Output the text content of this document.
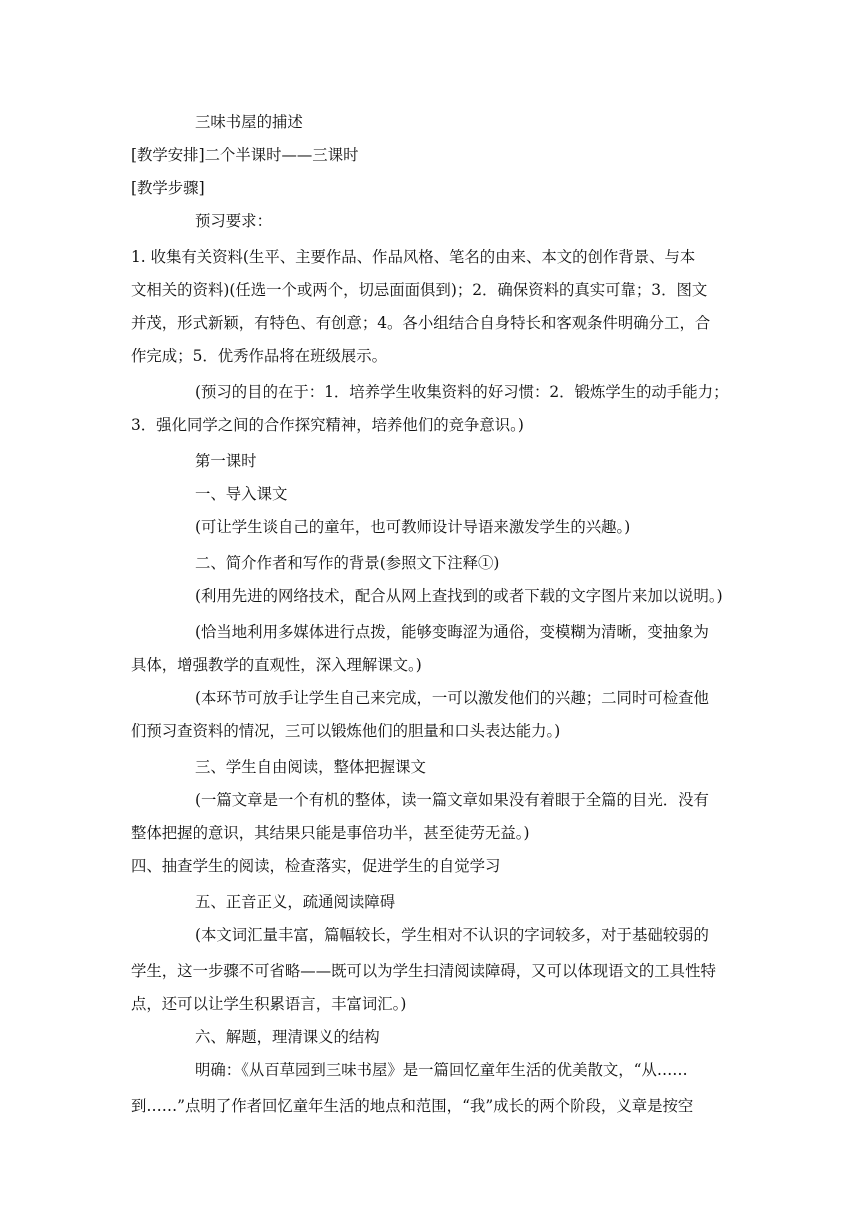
三味书屋的捕述
[教学安排]二个半课时——三课时
[教学步骤]
预习要求：
1. 收集有关资料(生平、主要作品、作品风格、笔名的由来、本文的创作背景、与本
文相关的资料)(任选一个或两个，切忌面面俱到)；2．确保资料的真实可靠；3．图文
并茂，形式新颖，有特色、有创意；4。各小组结合自身特长和客观条件明确分工，合
作完成；5．优秀作品将在班级展示。
(预习的目的在于：1．培养学生收集资料的好习惯：2．锻炼学生的动手能力；
3．强化同学之间的合作探究精神，培养他们的竞争意识。)
第一课时
一、导入课文
(可让学生谈自己的童年，也可教师设计导语来激发学生的兴趣。)
二、简介作者和写作的背景(参照文下注释①)
(利用先进的网络技术，配合从网上查找到的或者下载的文字图片来加以说明。)
(恰当地利用多媒体进行点拨，能够变晦涩为通俗，变模糊为清晰，变抽象为
具体，增强教学的直观性，深入理解课文。)
(本环节可放手让学生自己来完成，一可以激发他们的兴趣；二同时可检查他
们预习查资料的情况，三可以锻炼他们的胆量和口头表达能力。)
三、学生自由阅读，整体把握课文
(一篇文章是一个有机的整体，读一篇文章如果没有着眼于全篇的目光．没有
整体把握的意识，其结果只能是事倍功半，甚至徒劳无益。)
四、抽查学生的阅读，检查落实，促进学生的自觉学习
五、正音正义，疏通阅读障碍
(本文词汇量丰富，篇幅较长，学生相对不认识的字词较多，对于基础较弱的
学生，这一步骤不可省略——既可以为学生扫清阅读障碍，又可以体现语文的工具性特
点，还可以让学生积累语言，丰富词汇。)
六、解题，理清课义的结构
明确：《从百草园到三味书屋》是一篇回忆童年生活的优美散文，“从……
到……”点明了作者回忆童年生活的地点和范围，“我”成长的两个阶段，义章是按空
